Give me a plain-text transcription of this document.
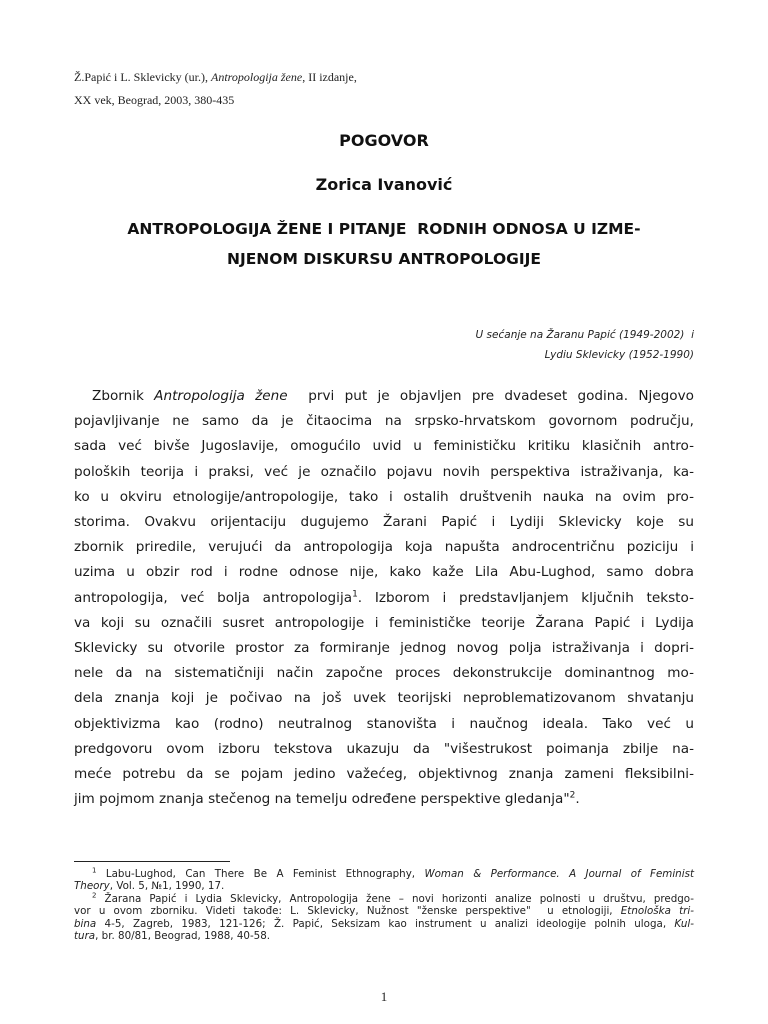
Ž.Papić i L. Sklevicky (ur.), Antropologija žene, II izdanje,
XX vek, Beograd, 2003, 380-435
POGOVOR
Zorica Ivanović
ANTROPOLOGIJA ŽENE I PITANJE  RODNIH ODNOSA U IZME-
NJENOM DISKURSU ANTROPOLOGIJE
U sećanje na Žaranu Papić (1949-2002)  i
Lydiu Sklevicky (1952-1990)
Zbornik Antropologija žene  prvi put je objavljen pre dvadeset godina. Njegovo
pojavljivanje ne samo da je čitaocima na srpsko-hrvatskom govornom području,
sada već bivše Jugoslavije, omogućilo uvid u feminističku kritiku klasičnih antro-
poloških teorija i praksi, već je označilo pojavu novih perspektiva istraživanja, ka-
ko u okviru etnologije/antropologije, tako i ostalih društvenih nauka na ovim pro-
storima. Ovakvu orijentaciju dugujemo Žarani Papić i Lydiji Sklevicky koje su
zbornik priredile, verujući da antropologija koja napušta androcentričnu poziciju i
uzima u obzir rod i rodne odnose nije, kako kaže Lila Abu-Lughod, samo dobra
antropologija, već bolja antropologija$^1$. Izborom i predstavljanjem ključnih teksto-
va koji su označili susret antropologije i feminističke teorije Žarana Papić i Lydija
Sklevicky su otvorile prostor za formiranje jednog novog polja istraživanja i dopri-
nele da na sistematičniji način započne proces dekonstrukcije dominantnog mo-
dela znanja koji je počivao na još uvek teorijski neproblematizovanom shvatanju
objektivizma kao (rodno) neutralnog stanovišta i naučnog ideala. Tako već u
predgovoru ovom izboru tekstova ukazuju da "višestrukost poimanja zbilje na-
meće potrebu da se pojam jedino važećeg, objektivnog znanja zameni fleksibilni-
jim pojmom znanja stečenog na temelju određene perspektive gledanja"$^2$.
$^1$ Labu-Lughod, Can There Be A Feminist Ethnography, Woman & Performance. A Journal of Feminist
Theory, Vol. 5, №1, 1990, 17.
$^2$ Žarana Papić i Lydia Sklevicky, Antropologija žene – novi horizonti analize polnosti u društvu, predgo-
vor u ovom zborniku. Videti takođe: L. Sklevicky, Nužnost "ženske perspektive"  u etnologiji, Etnološka tri-
bina 4-5, Zagreb, 1983, 121-126; Ž. Papić, Seksizam kao instrument u analizi ideologije polnih uloga, Kul-
tura, br. 80/81, Beograd, 1988, 40-58.
1
